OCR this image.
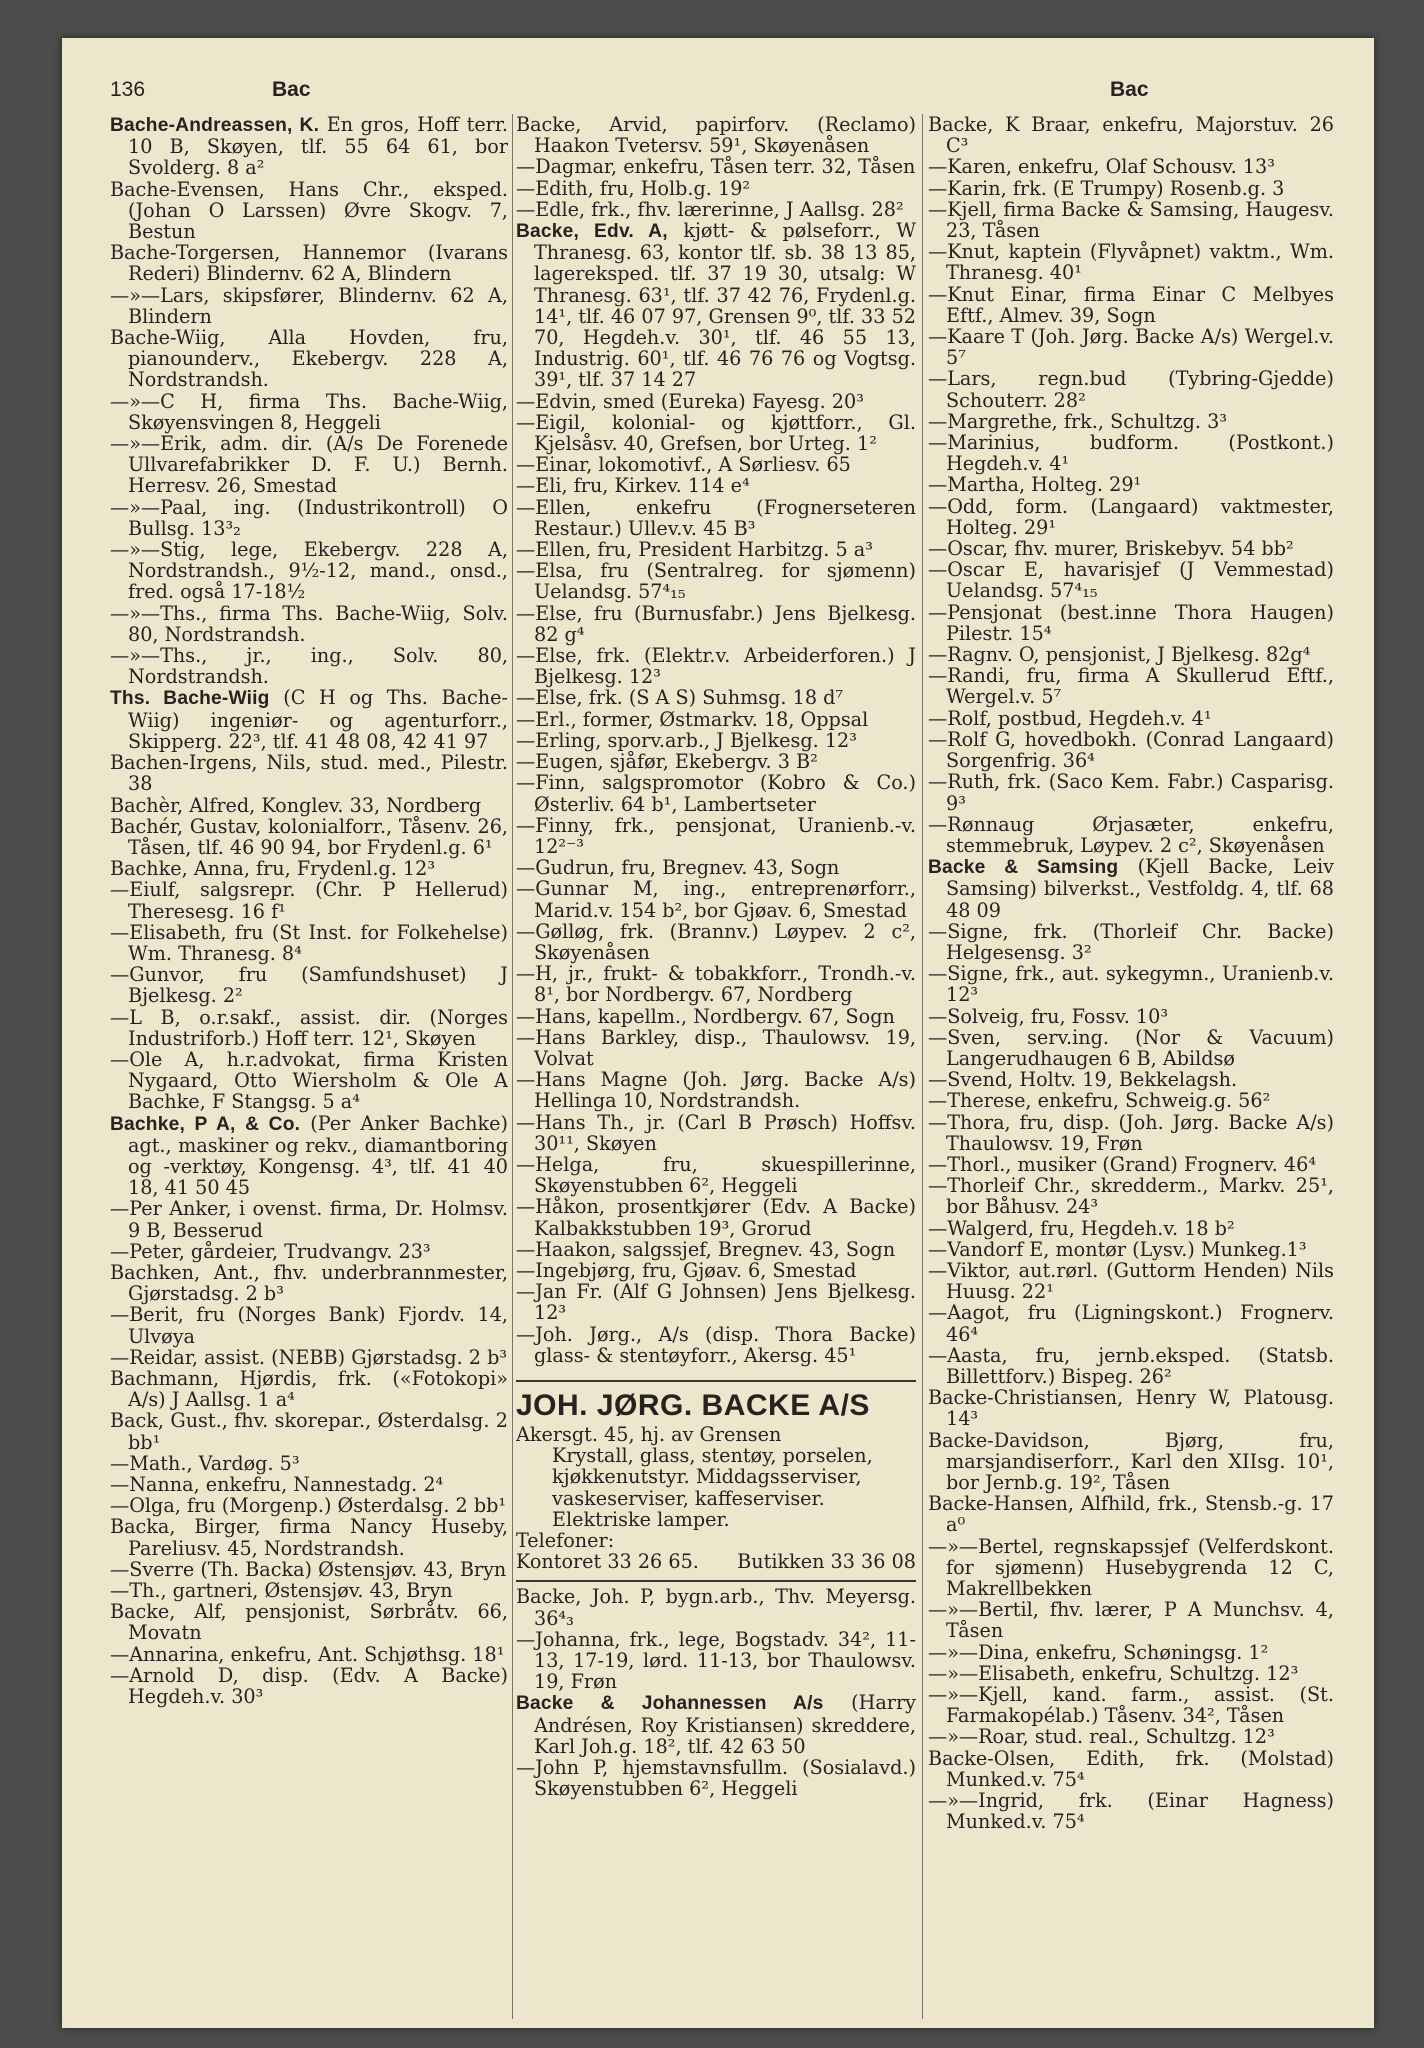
136	Bac	Bac

Bache-Andreassen, K. En gros, Hoff terr. 10 B, Skøyen, tlf. 55 64 61, bor Svolderg. 8 a²

Bache-Evensen, Hans Chr., eksped. (Johan O Larssen) Øvre Skogv. 7, Bestun

Bache-Torgersen, Hannemor (Ivarans Rederi) Blindernv. 62 A, Blindern

—»—Lars, skipsfører, Blindernv. 62 A, Blindern

Bache-Wiig, Alla Hovden, fru, pianounderv., Ekebergv. 228 A, Nordstrandsh.

—»—C H, firma Ths. Bache-Wiig, Skøyensvingen 8, Heggeli

—»—Erik, adm. dir. (A/s De Forenede Ullvarefabrikker D. F. U.) Bernh. Herresv. 26, Smestad

—»—Paal, ing. (Industrikontroll) O Bullsg. 13³₂

—»—Stig, lege, Ekebergv. 228 A, Nordstrandsh., 9½-12, mand., onsd., fred. også 17-18½

—»—Ths., firma Ths. Bache-Wiig, Solv. 80, Nordstrandsh.

—»—Ths., jr., ing., Solv. 80, Nordstrandsh.

Ths. Bache-Wiig (C H og Ths. Bache-Wiig) ingeniør- og agenturforr., Skipperg. 22³, tlf. 41 48 08, 42 41 97

Bachen-Irgens, Nils, stud. med., Pilestr. 38

Bachèr, Alfred, Konglev. 33, Nordberg

Bachér, Gustav, kolonialforr., Tåsenv. 26, Tåsen, tlf. 46 90 94, bor Frydenl.g. 6¹

Bachke, Anna, fru, Frydenl.g. 12³

—Eiulf, salgsrepr. (Chr. P Hellerud) Theresesg. 16 f¹

—Elisabeth, fru (St Inst. for Folkehelse) Wm. Thranesg. 8⁴

—Gunvor, fru (Samfundshuset) J Bjelkesg. 2²

—L B, o.r.sakf., assist. dir. (Norges Industriforb.) Hoff terr. 12¹, Skøyen

—Ole A, h.r.advokat, firma Kristen Nygaard, Otto Wiersholm & Ole A Bachke, F Stangsg. 5 a⁴

Bachke, P A, & Co. (Per Anker Bachke) agt., maskiner og rekv., diamantboring og -verktøy, Kongensg. 4³, tlf. 41 40 18, 41 50 45

—Per Anker, i ovenst. firma, Dr. Holmsv. 9 B, Besserud

—Peter, gårdeier, Trudvangv. 23³

Bachken, Ant., fhv. underbrannmester, Gjørstadsg. 2 b³

—Berit, fru (Norges Bank) Fjordv. 14, Ulvøya

—Reidar, assist. (NEBB) Gjørstadsg. 2 b³

Bachmann, Hjørdis, frk. («Fotokopi» A/s) J Aallsg. 1 a⁴

Back, Gust., fhv. skorepar., Østerdalsg. 2 bb¹

—Math., Vardøg. 5³

—Nanna, enkefru, Nannestadg. 2⁴

—Olga, fru (Morgenp.) Østerdalsg. 2 bb¹

Backa, Birger, firma Nancy Huseby, Pareliusv. 45, Nordstrandsh.

—Sverre (Th. Backa) Østensjøv. 43, Bryn

—Th., gartneri, Østensjøv. 43, Bryn

Backe, Alf, pensjonist, Sørbråtv. 66, Movatn

—Annarina, enkefru, Ant. Schjøthsg. 18¹

—Arnold D, disp. (Edv. A Backe) Hegdeh.v. 30³

Backe, Arvid, papirforv. (Reclamo) Haakon Tvetersv. 59¹, Skøyenåsen

—Dagmar, enkefru, Tåsen terr. 32, Tåsen

—Edith, fru, Holb.g. 19²

—Edle, frk., fhv. lærerinne, J Aallsg. 28²

Backe, Edv. A, kjøtt- & pølseforr., W Thranesg. 63, kontor tlf. sb. 38 13 85, lagereksped. tlf. 37 19 30, utsalg: W Thranesg. 63¹, tlf. 37 42 76, Frydenl.g. 14¹, tlf. 46 07 97, Grensen 9⁰, tlf. 33 52 70, Hegdeh.v. 30¹, tlf. 46 55 13, Industrig. 60¹, tlf. 46 76 76 og Vogtsg. 39¹, tlf. 37 14 27

—Edvin, smed (Eureka) Fayesg. 20³

—Eigil, kolonial- og kjøttforr., Gl. Kjelsåsv. 40, Grefsen, bor Urteg. 1²

—Einar, lokomotivf., A Sørliesv. 65

—Eli, fru, Kirkev. 114 e⁴

—Ellen, enkefru (Frognerseteren Restaur.) Ullev.v. 45 B³

—Ellen, fru, President Harbitzg. 5 a³

—Elsa, fru (Sentralreg. for sjømenn) Uelandsg. 57⁴₁₅

—Else, fru (Burnusfabr.) Jens Bjelkesg. 82 g⁴

—Else, frk. (Elektr.v. Arbeiderforen.) J Bjelkesg. 12³

—Else, frk. (S A S) Suhmsg. 18 d⁷

—Erl., former, Østmarkv. 18, Oppsal

—Erling, sporv.arb., J Bjelkesg. 12³

—Eugen, sjåfør, Ekebergv. 3 B²

—Finn, salgspromotor (Kobro & Co.) Østerliv. 64 b¹, Lambertseter

—Finny, frk., pensjonat, Uranienb.-v. 12²⁻³

—Gudrun, fru, Bregnev. 43, Sogn

—Gunnar M, ing., entreprenørforr., Marid.v. 154 b², bor Gjøav. 6, Smestad

—Gølløg, frk. (Brannv.) Løypev. 2 c², Skøyenåsen

—H, jr., frukt- & tobakkforr., Trondh.-v. 8¹, bor Nordbergv. 67, Nordberg

—Hans, kapellm., Nordbergv. 67, Sogn

—Hans Barkley, disp., Thaulowsv. 19, Volvat

—Hans Magne (Joh. Jørg. Backe A/s) Hellinga 10, Nordstrandsh.

—Hans Th., jr. (Carl B Prøsch) Hoffsv. 30¹¹, Skøyen

—Helga, fru, skuespillerinne, Skøyenstubben 6², Heggeli

—Håkon, prosentkjører (Edv. A Backe) Kalbakkstubben 19³, Grorud

—Haakon, salgssjef, Bregnev. 43, Sogn

—Ingebjørg, fru, Gjøav. 6, Smestad

—Jan Fr. (Alf G Johnsen) Jens Bjelkesg. 12³

—Joh. Jørg., A/s (disp. Thora Backe) glass- & stentøyforr., Akersg. 45¹

JOH. JØRG. BACKE A/S

Akersgt. 45, hj. av Grensen

Krystall, glass, stentøy, porselen, kjøkkenutstyr. Middagsserviser, vaskeserviser, kaffeserviser. Elektriske lamper.

Telefoner:

Kontoret 33 26 65. Butikken 33 36 08

Backe, Joh. P, bygn.arb., Thv. Meyersg. 36⁴₃

—Johanna, frk., lege, Bogstadv. 34², 11-13, 17-19, lørd. 11-13, bor Thaulowsv. 19, Frøn

Backe & Johannessen A/s (Harry Andrésen, Roy Kristiansen) skreddere, Karl Joh.g. 18², tlf. 42 63 50

—John P, hjemstavnsfullm. (Sosialavd.) Skøyenstubben 6², Heggeli

Backe, K Braar, enkefru, Majorstuv. 26 C³

—Karen, enkefru, Olaf Schousv. 13³

—Karin, frk. (E Trumpy) Rosenb.g. 3

—Kjell, firma Backe & Samsing, Haugesv. 23, Tåsen

—Knut, kaptein (Flyvåpnet) vaktm., Wm. Thranesg. 40¹

—Knut Einar, firma Einar C Melbyes Eftf., Almev. 39, Sogn

—Kaare T (Joh. Jørg. Backe A/s) Wergel.v. 5⁷

—Lars, regn.bud (Tybring-Gjedde) Schouterr. 28²

—Margrethe, frk., Schultzg. 3³

—Marinius, budform. (Postkont.) Hegdeh.v. 4¹

—Martha, Holteg. 29¹

—Odd, form. (Langaard) vaktmester, Holteg. 29¹

—Oscar, fhv. murer, Briskebyv. 54 bb²

—Oscar E, havarisjef (J Vemmestad) Uelandsg. 57⁴₁₅

—Pensjonat (best.inne Thora Haugen) Pilestr. 15⁴

—Ragnv. O, pensjonist, J Bjelkesg. 82g⁴

—Randi, fru, firma A Skullerud Eftf., Wergel.v. 5⁷

—Rolf, postbud, Hegdeh.v. 4¹

—Rolf G, hovedbokh. (Conrad Langaard) Sorgenfrig. 36⁴

—Ruth, frk. (Saco Kem. Fabr.) Casparisg. 9³

—Rønnaug Ørjasæter, enkefru, stemmebruk, Løypev. 2 c², Skøyenåsen

Backe & Samsing (Kjell Backe, Leiv Samsing) bilverkst., Vestfoldg. 4, tlf. 68 48 09

—Signe, frk. (Thorleif Chr. Backe) Helgesensg. 3²

—Signe, frk., aut. sykegymn., Uranienb.v. 12³

—Solveig, fru, Fossv. 10³

—Sven, serv.ing. (Nor & Vacuum) Langerudhaugen 6 B, Abildsø

—Svend, Holtv. 19, Bekkelagsh.

—Therese, enkefru, Schweig.g. 56²

—Thora, fru, disp. (Joh. Jørg. Backe A/s) Thaulowsv. 19, Frøn

—Thorl., musiker (Grand) Frognerv. 46⁴

—Thorleif Chr., skredderm., Markv. 25¹, bor Båhusv. 24³

—Walgerd, fru, Hegdeh.v. 18 b²

—Vandorf E, montør (Lysv.) Munkeg.1³

—Viktor, aut.rørl. (Guttorm Henden) Nils Huusg. 22¹

—Aagot, fru (Ligningskont.) Frognerv. 46⁴

—Aasta, fru, jernb.eksped. (Statsb. Billettforv.) Bispeg. 26²

Backe-Christiansen, Henry W, Platousg. 14³

Backe-Davidson, Bjørg, fru, marsjandiserforr., Karl den XIIsg. 10¹, bor Jernb.g. 19², Tåsen

Backe-Hansen, Alfhild, frk., Stensb.-g. 17 a⁰

—»—Bertel, regnskapssjef (Velferdskont. for sjømenn) Husebygrenda 12 C, Makrellbekken

—»—Bertil, fhv. lærer, P A Munchsv. 4, Tåsen

—»—Dina, enkefru, Schøningsg. 1²

—»—Elisabeth, enkefru, Schultzg. 12³

—»—Kjell, kand. farm., assist. (St. Farmakopélab.) Tåsenv. 34², Tåsen

—»—Roar, stud. real., Schultzg. 12³

Backe-Olsen, Edith, frk. (Molstad) Munked.v. 75⁴

—»—Ingrid, frk. (Einar Hagness) Munked.v. 75⁴
